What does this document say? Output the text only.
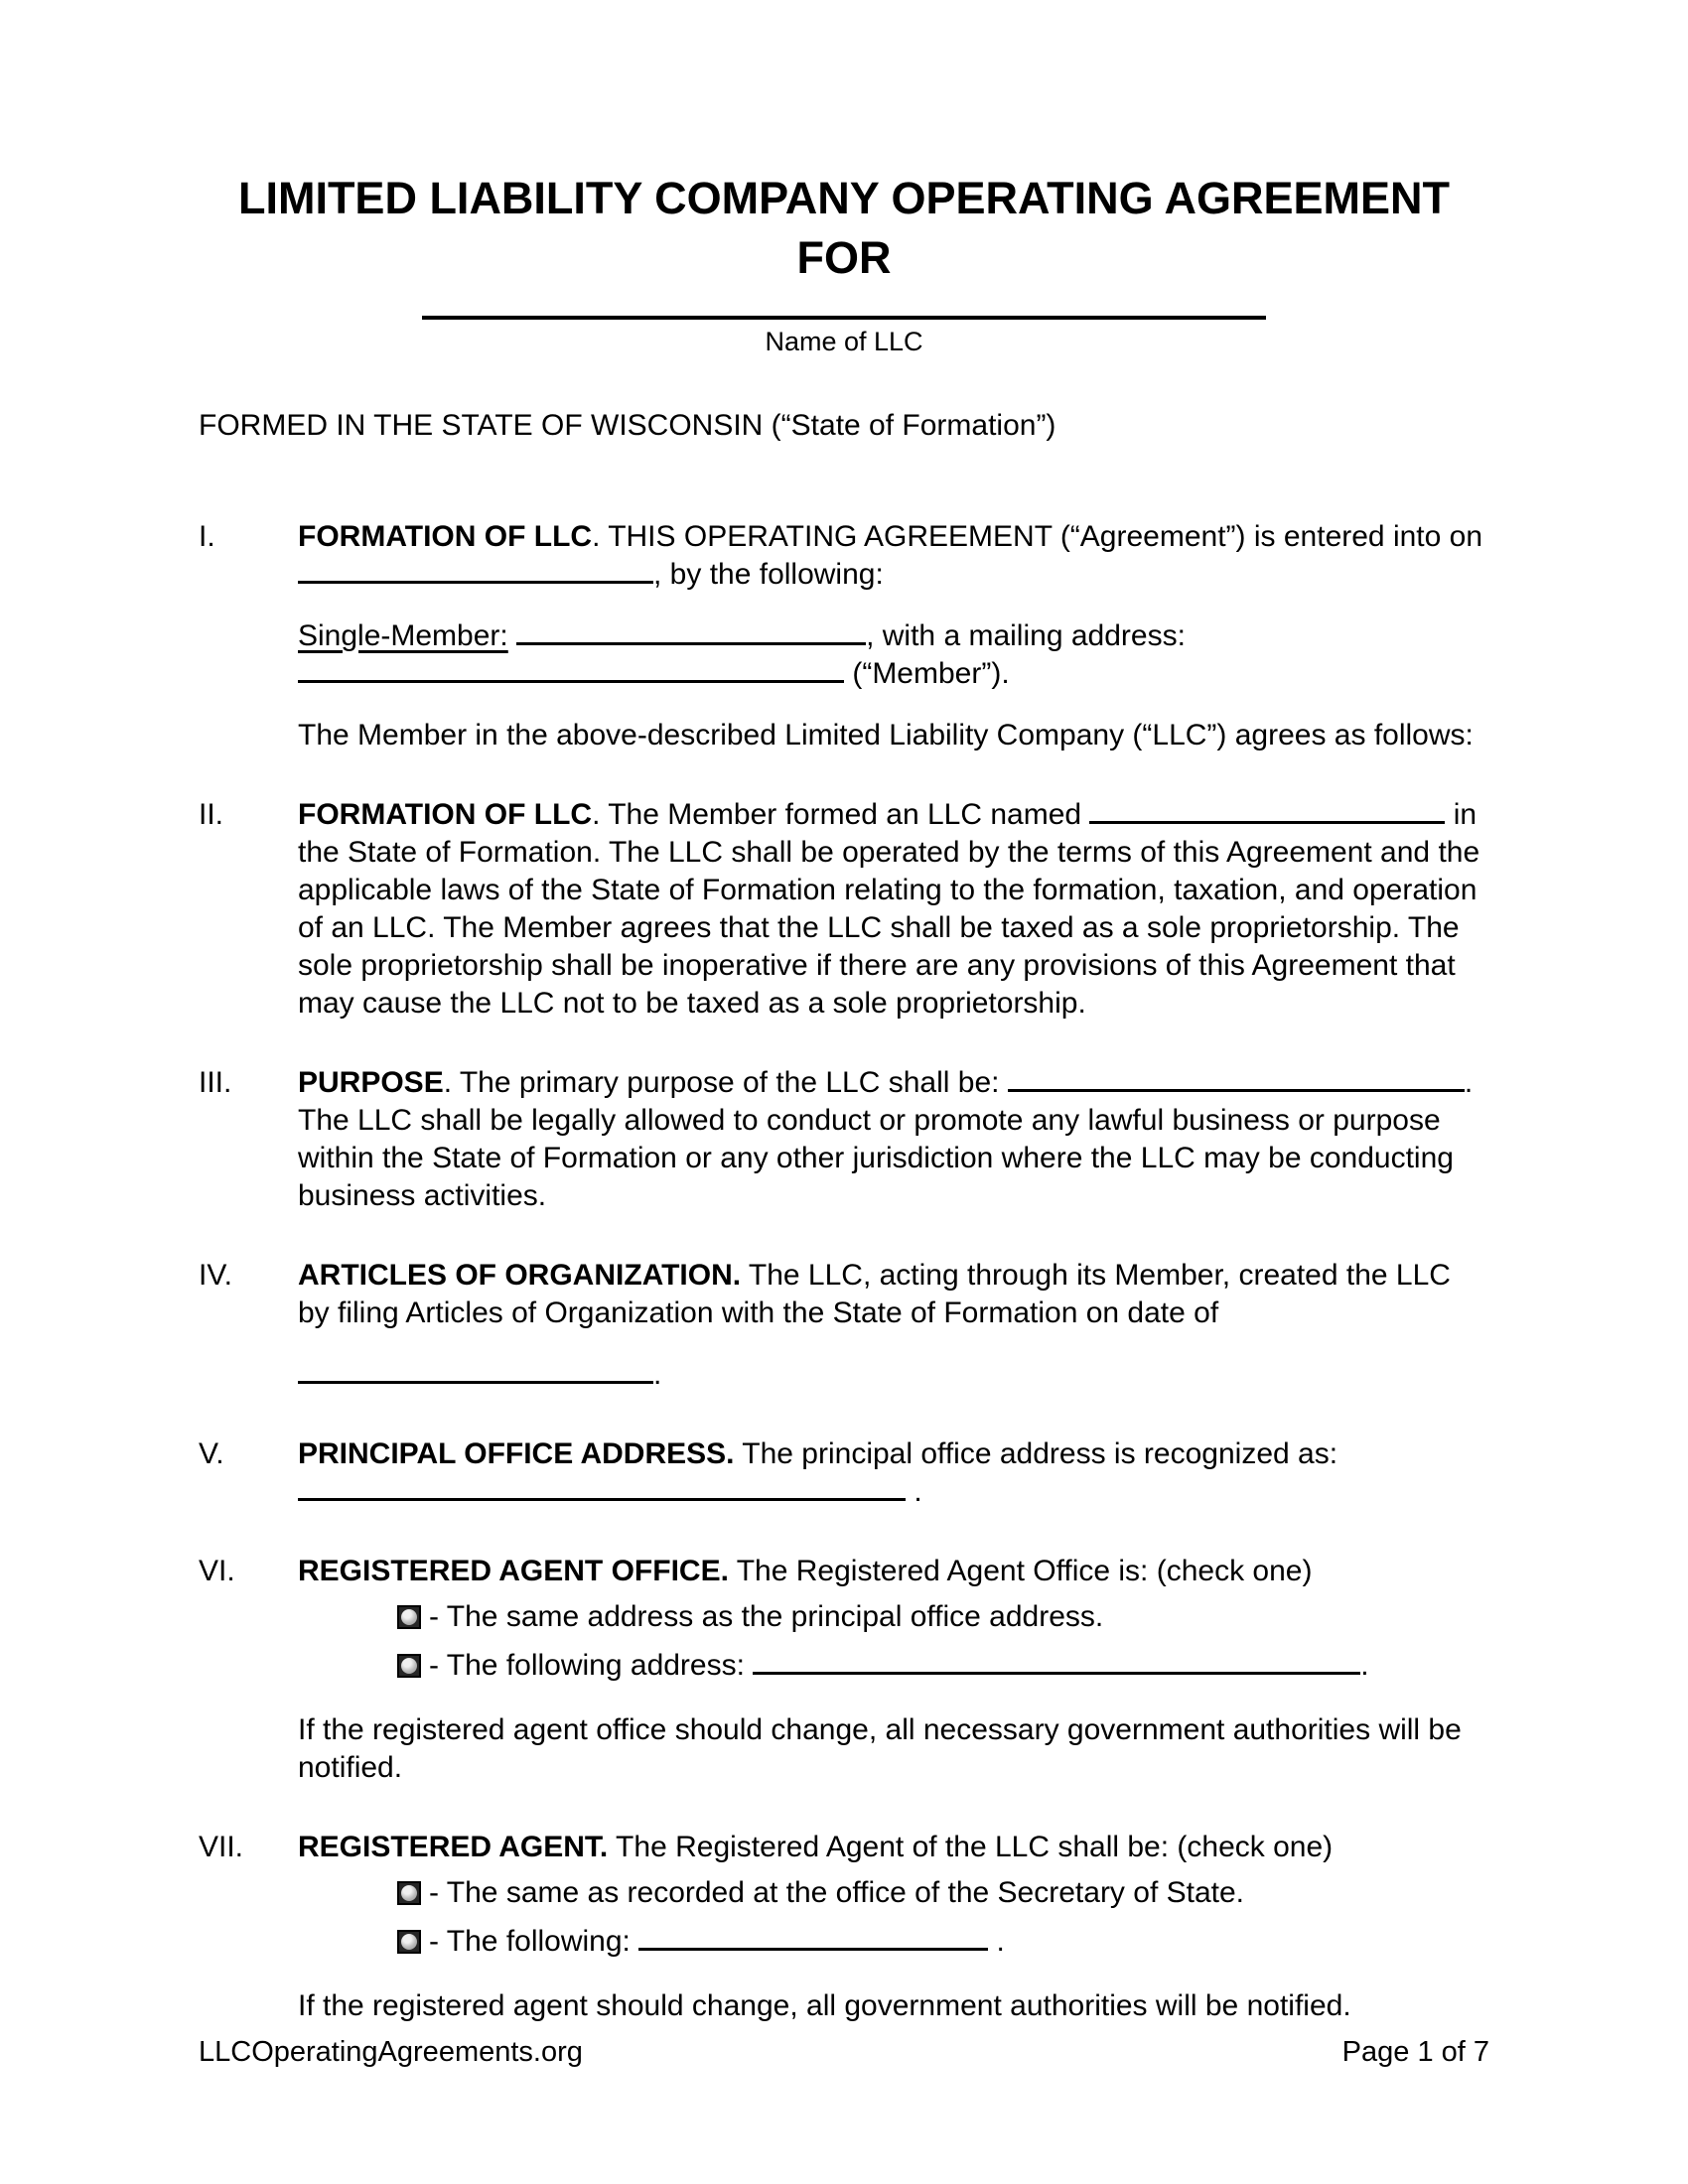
LIMITED LIABILITY COMPANY OPERATING AGREEMENT
FOR
Name of LLC
FORMED IN THE STATE OF WISCONSIN (“State of Formation”)
I.	FORMATION OF LLC. THIS OPERATING AGREEMENT (“Agreement”) is entered into on , by the following:
Single-Member:	, with a mailing address:
(“Member”).
The Member in the above-described Limited Liability Company (“LLC”) agrees as follows:
II.	FORMATION OF LLC. The Member formed an LLC named	in the State of Formation. The LLC shall be operated by the terms of this Agreement and the applicable laws of the State of Formation relating to the formation, taxation, and operation of an LLC. The Member agrees that the LLC shall be taxed as a sole proprietorship. The sole proprietorship shall be inoperative if there are any provisions of this Agreement that may cause the LLC not to be taxed as a sole proprietorship.
III.	PURPOSE. The primary purpose of the LLC shall be:	. The LLC shall be legally allowed to conduct or promote any lawful business or purpose within the State of Formation or any other jurisdiction where the LLC may be conducting business activities.
IV.	ARTICLES OF ORGANIZATION. The LLC, acting through its Member, created the LLC by filing Articles of Organization with the State of Formation on date of
.
V.	PRINCIPAL OFFICE ADDRESS. The principal office address is recognized as:
.
VI.	REGISTERED AGENT OFFICE. The Registered Agent Office is: (check one)
- The same address as the principal office address.
- The following address:	.
If the registered agent office should change, all necessary government authorities will be notified.
VII.	REGISTERED AGENT. The Registered Agent of the LLC shall be: (check one)
- The same as recorded at the office of the Secretary of State.
- The following:	.
If the registered agent should change, all government authorities will be notified.
LLCOperatingAgreements.org	Page 1 of 7
